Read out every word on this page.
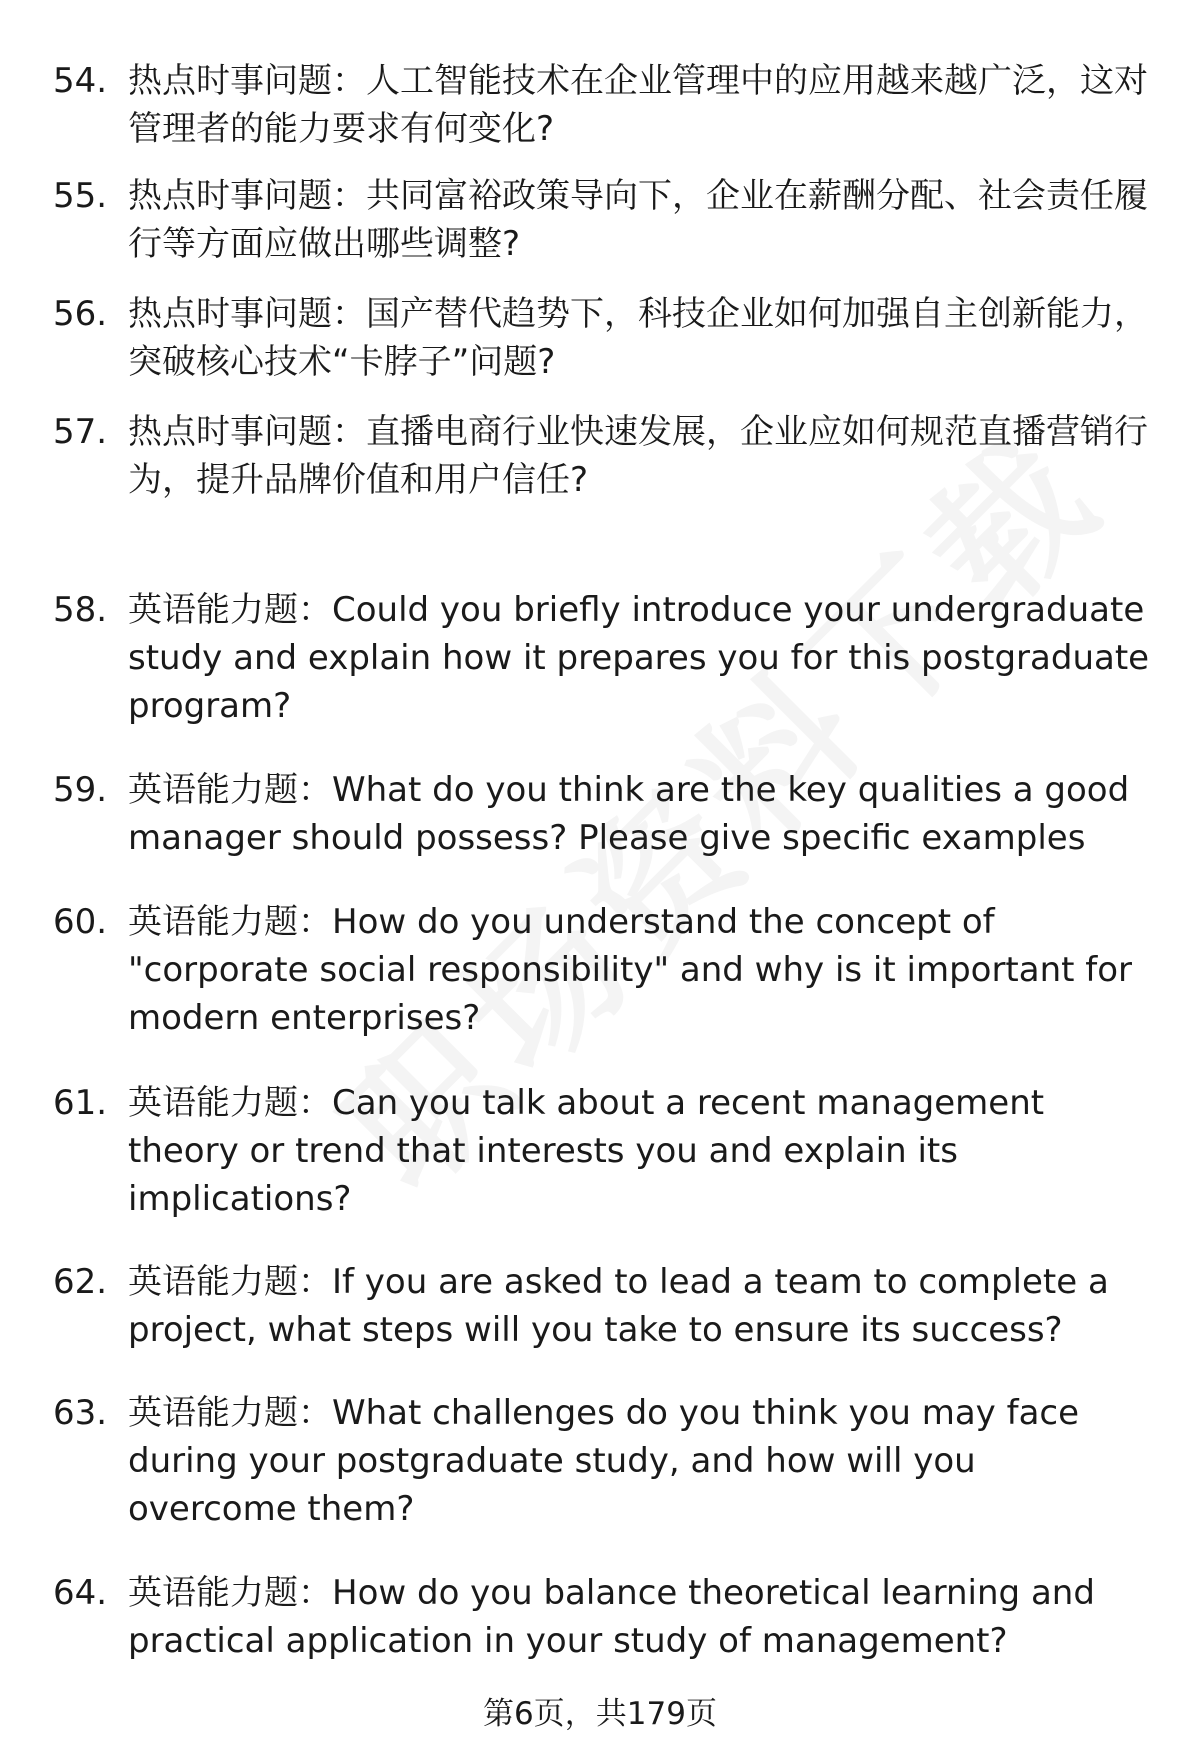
54. 热点时事问题：人工智能技术在企业管理中的应用越来越广泛，这对管理者的能力要求有何变化?
55. 热点时事问题：共同富裕政策导向下，企业在薪酬分配、社会责任履行等方面应做出哪些调整?
56. 热点时事问题：国产替代趋势下，科技企业如何加强自主创新能力，突破核心技术“卡脖子”问题?
57. 热点时事问题：直播电商行业快速发展，企业应如何规范直播营销行为，提升品牌价值和用户信任?
58. 英语能力题：Could you briefly introduce your undergraduate study and explain how it prepares you for this postgraduate program?
59. 英语能力题：What do you think are the key qualities a good manager should possess? Please give specific examples
60. 英语能力题：How do you understand the concept of "corporate social responsibility" and why is it important for modern enterprises?
61. 英语能力题：Can you talk about a recent management theory or trend that interests you and explain its implications?
62. 英语能力题：If you are asked to lead a team to complete a project, what steps will you take to ensure its success?
63. 英语能力题：What challenges do you think you may face during your postgraduate study, and how will you overcome them?
64. 英语能力题：How do you balance theoretical learning and practical application in your study of management?
第6页，共179页
